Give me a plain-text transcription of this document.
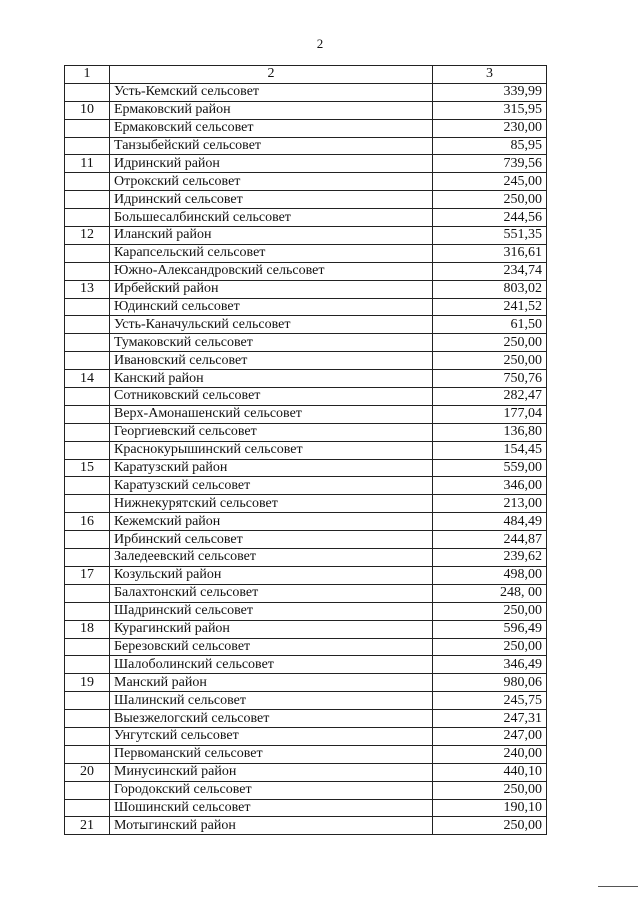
2
1	2	3
	Усть-Кемский сельсовет	339,99
10	Ермаковский район	315,95
	Ермаковский сельсовет	230,00
	Танзыбейский сельсовет	85,95
11	Идринский район	739,56
	Отрокский сельсовет	245,00
	Идринский сельсовет	250,00
	Большесалбинский сельсовет	244,56
12	Иланский район	551,35
	Карапсельский сельсовет	316,61
	Южно-Александровский сельсовет	234,74
13	Ирбейский район	803,02
	Юдинский сельсовет	241,52
	Усть-Каначульский сельсовет	61,50
	Тумаковский сельсовет	250,00
	Ивановский сельсовет	250,00
14	Канский район	750,76
	Сотниковский сельсовет	282,47
	Верх-Амонашенский сельсовет	177,04
	Георгиевский сельсовет	136,80
	Краснокурышинский сельсовет	154,45
15	Каратузский район	559,00
	Каратузский сельсовет	346,00
	Нижнекурятский сельсовет	213,00
16	Кежемский район	484,49
	Ирбинский сельсовет	244,87
	Заледеевский сельсовет	239,62
17	Козульский район	498,00
	Балахтонский сельсовет	248, 00
	Шадринский сельсовет	250,00
18	Курагинский район	596,49
	Березовский сельсовет	250,00
	Шалоболинский сельсовет	346,49
19	Манский район	980,06
	Шалинский сельсовет	245,75
	Выезжелогский сельсовет	247,31
	Унгутский сельсовет	247,00
	Первоманский сельсовет	240,00
20	Минусинский район	440,10
	Городокский сельсовет	250,00
	Шошинский сельсовет	190,10
21	Мотыгинский район	250,00
